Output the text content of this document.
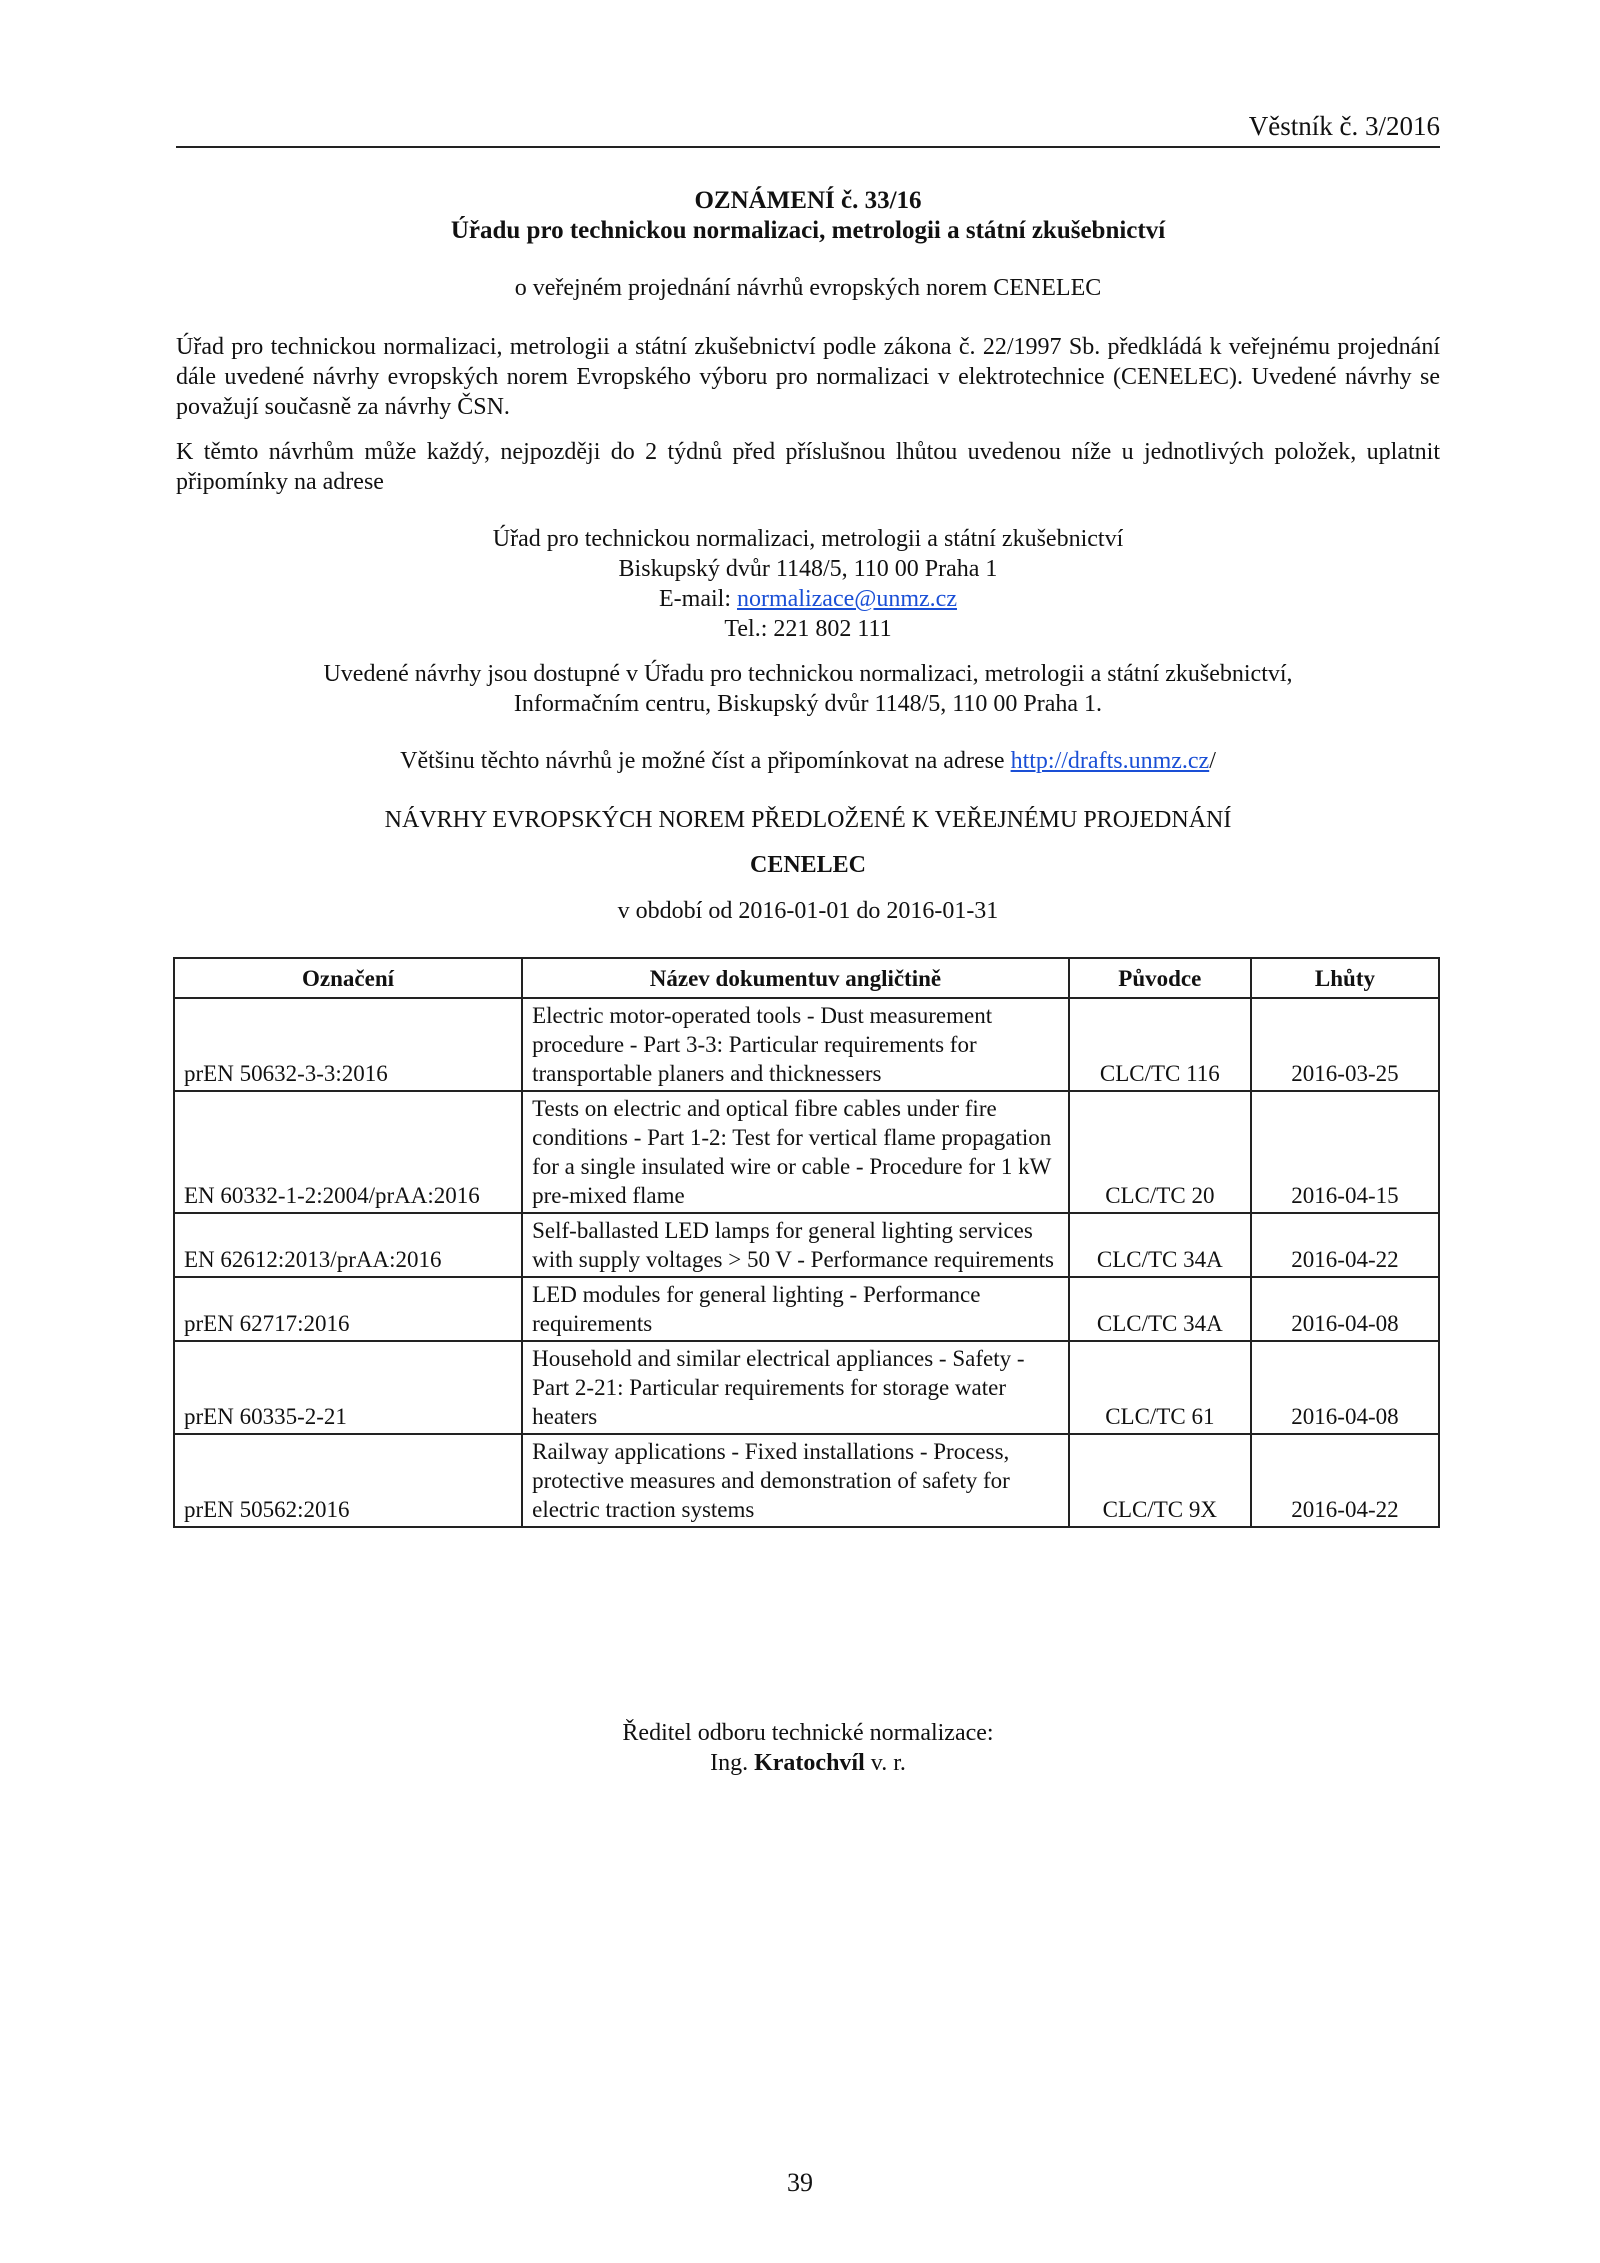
Věstník č. 3/2016
OZNÁMENÍ č. 33/16
Úřadu pro technickou normalizaci, metrologii a státní zkušebnictví
o veřejném projednání návrhů evropských norem CENELEC
Úřad pro technickou normalizaci, metrologii a státní zkušebnictví podle zákona č. 22/1997 Sb. předkládá k veřejnému projednání dále uvedené návrhy evropských norem Evropského výboru pro normalizaci v elektrotechnice (CENELEC). Uvedené návrhy se považují současně za návrhy ČSN.
K těmto návrhům může každý, nejpozději do 2 týdnů před příslušnou lhůtou uvedenou níže u jednotlivých položek, uplatnit připomínky na adrese
Úřad pro technickou normalizaci, metrologii a státní zkušebnictví
Biskupský dvůr 1148/5, 110 00 Praha 1
E-mail: normalizace@unmz.cz
Tel.: 221 802 111
Uvedené návrhy jsou dostupné v Úřadu pro technickou normalizaci, metrologii a státní zkušebnictví,
Informačním centru, Biskupský dvůr 1148/5, 110 00 Praha 1.
Většinu těchto návrhů je možné číst a připomínkovat na adrese http://drafts.unmz.cz/
NÁVRHY EVROPSKÝCH NOREM PŘEDLOŽENÉ K VEŘEJNÉMU PROJEDNÁNÍ
CENELEC
v období od 2016-01-01 do 2016-01-31
Označení	Název dokumentuv angličtině	Původce	Lhůty
prEN 50632-3-3:2016	Electric motor-operated tools - Dust measurement procedure - Part 3-3: Particular requirements for transportable planers and thicknessers	CLC/TC 116	2016-03-25
EN 60332-1-2:2004/prAA:2016	Tests on electric and optical fibre cables under fire conditions - Part 1-2: Test for vertical flame propagation for a single insulated wire or cable - Procedure for 1 kW pre-mixed flame	CLC/TC 20	2016-04-15
EN 62612:2013/prAA:2016	Self-ballasted LED lamps for general lighting services with supply voltages > 50 V - Performance requirements	CLC/TC 34A	2016-04-22
prEN 62717:2016	LED modules for general lighting - Performance requirements	CLC/TC 34A	2016-04-08
prEN 60335-2-21	Household and similar electrical appliances - Safety - Part 2-21: Particular requirements for storage water heaters	CLC/TC 61	2016-04-08
prEN 50562:2016	Railway applications - Fixed installations - Process, protective measures and demonstration of safety for electric traction systems	CLC/TC 9X	2016-04-22
Ředitel odboru technické normalizace:
Ing. Kratochvíl v. r.
39
